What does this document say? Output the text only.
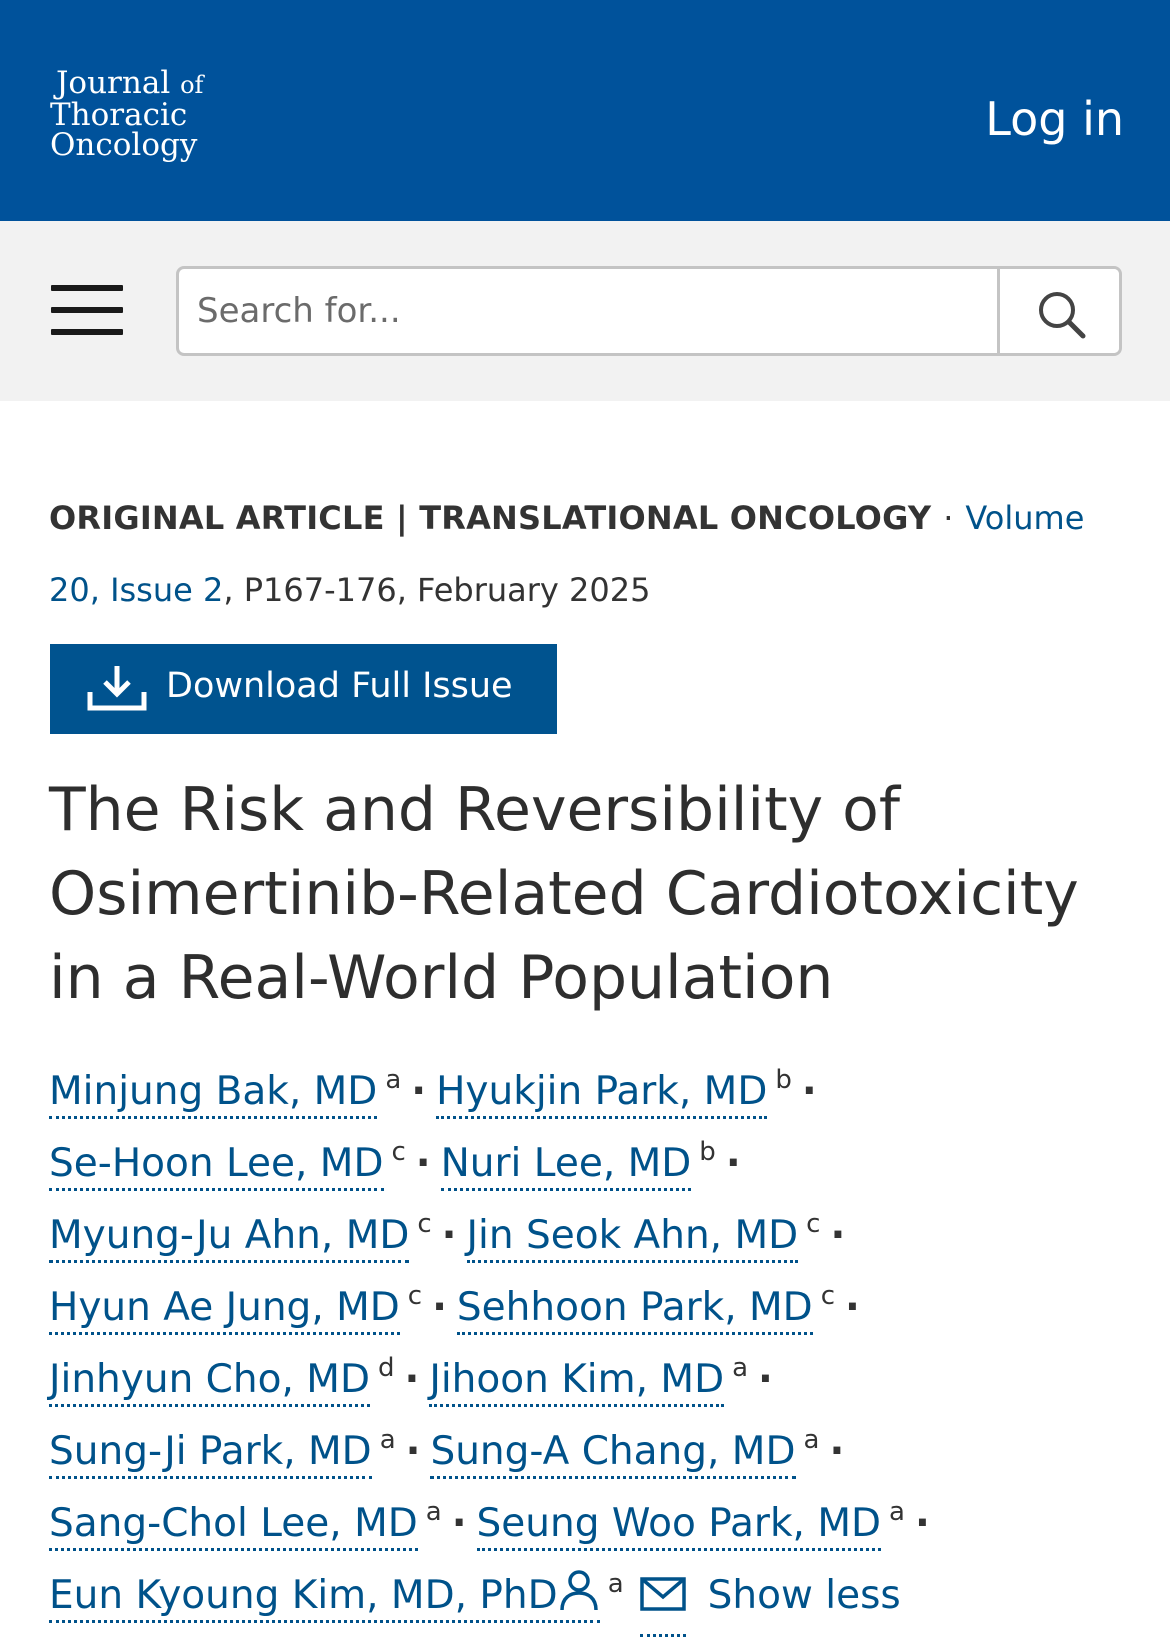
Journal of
Thoracic
Oncology	Log in
Search for...
ORIGINAL ARTICLE | TRANSLATIONAL ONCOLOGY · Volume 20, Issue 2, P167-176, February 2025
Download Full Issue
The Risk and Reversibility of Osimertinib-Related Cardiotoxicity in a Real-World Population
Minjung Bak, MD $^a$ · Hyukjin Park, MD $^b$ ·
Se-Hoon Lee, MD $^c$ · Nuri Lee, MD $^b$ ·
Myung-Ju Ahn, MD $^c$ · Jin Seok Ahn, MD $^c$ ·
Hyun Ae Jung, MD $^c$ · Sehhoon Park, MD $^c$ ·
Jinhyun Cho, MD $^d$ · Jihoon Kim, MD $^a$ ·
Sung-Ji Park, MD $^a$ · Sung-A Chang, MD $^a$ ·
Sang-Chol Lee, MD $^a$ · Seung Woo Park, MD $^a$ ·
Eun Kyoung Kim, MD, PhD $^a$ Show less
